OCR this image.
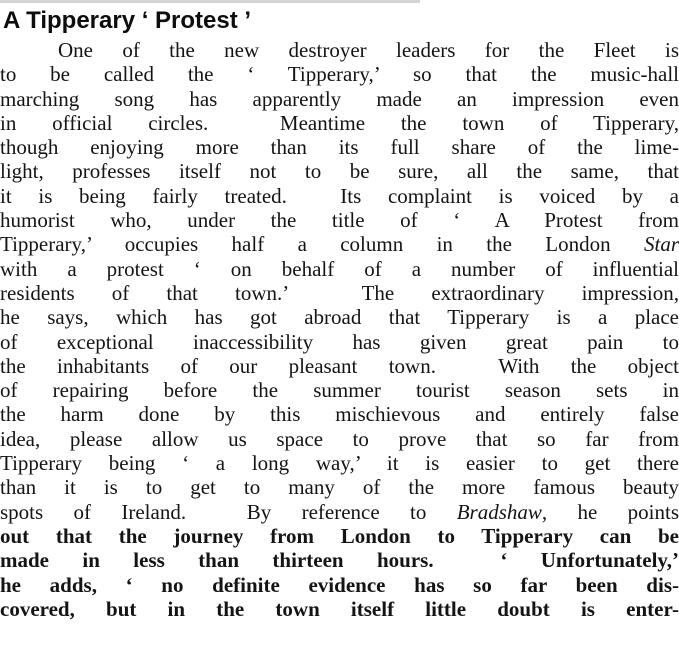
A Tipperary ‘ Protest ’
One of the new destroyer leaders for the Fleet is
to be called the ‘ Tipperary,’ so that the music-hall
marching song has apparently made an impression even
in official circles.  Meantime the town of Tipperary,
though enjoying more than its full share of the lime-
light, professes itself not to be sure, all the same, that
it is being fairly treated.  Its complaint is voiced by a
humorist who, under the title of ‘ A Protest from
Tipperary,’ occupies half a column in the London Star
with a protest ‘ on behalf of a number of influential
residents of that town.’  The extraordinary impression,
he says, which has got abroad that Tipperary is a place
of exceptional inaccessibility has given great pain to
the inhabitants of our pleasant town.  With the object
of repairing before the summer tourist season sets in
the harm done by this mischievous and entirely false
idea, please allow us space to prove that so far from
Tipperary being ‘ a long way,’ it is easier to get there
than it is to get to many of the more famous beauty
spots of Ireland.  By reference to Bradshaw, he points
out that the journey from London to Tipperary can be
made in less than thirteen hours.  ‘ Unfortunately,’
he adds, ‘ no definite evidence has so far been dis-
covered, but in the town itself little doubt is enter-
